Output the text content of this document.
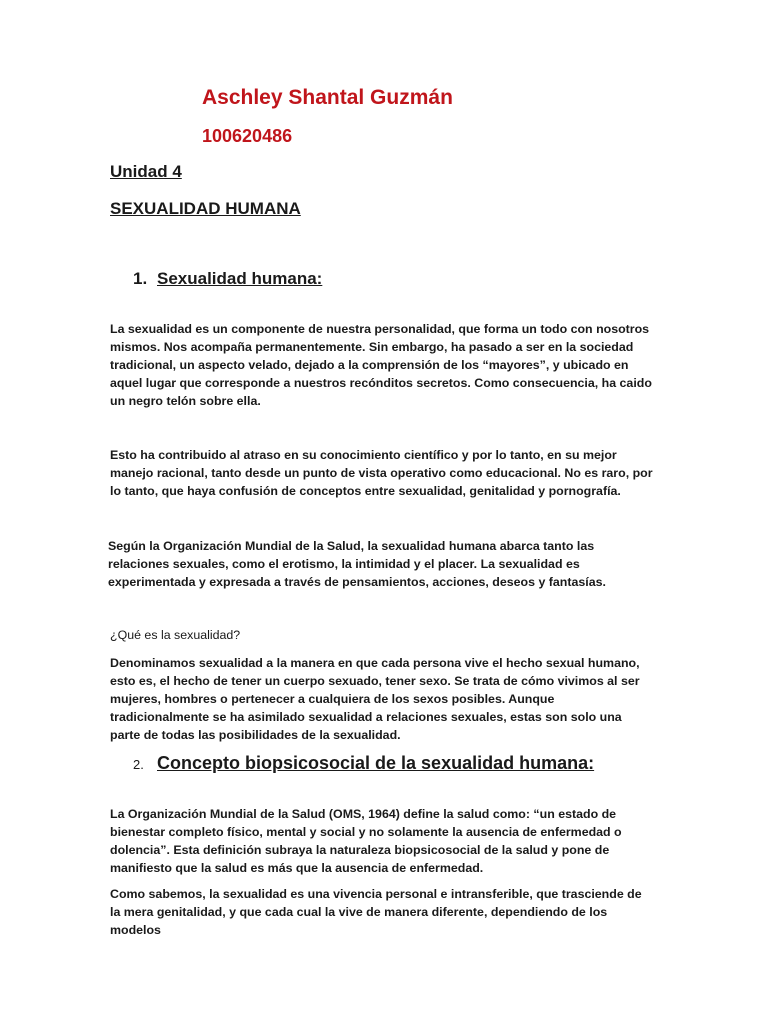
Aschley Shantal Guzmán
100620486
Unidad 4
SEXUALIDAD HUMANA
1. Sexualidad humana:
La sexualidad es un componente de nuestra personalidad, que forma un todo con nosotros mismos. Nos acompaña permanentemente. Sin embargo, ha pasado a ser en la sociedad tradicional, un aspecto velado, dejado a la comprensión de los “mayores”, y ubicado en aquel lugar que corresponde a nuestros recónditos secretos. Como consecuencia, ha caido un negro telón sobre ella.
Esto ha contribuido al atraso en su conocimiento científico y por lo tanto, en su mejor manejo racional, tanto desde un punto de vista operativo como educacional. No es raro, por lo tanto, que haya confusión de conceptos entre sexualidad, genitalidad y pornografía.
Según la Organización Mundial de la Salud, la sexualidad humana abarca tanto las relaciones sexuales, como el erotismo, la intimidad y el placer. La sexualidad es experimentada y expresada a través de pensamientos, acciones, deseos y fantasías.
¿Qué es la sexualidad?
Denominamos sexualidad a la manera en que cada persona vive el hecho sexual humano, esto es, el hecho de tener un cuerpo sexuado, tener sexo. Se trata de cómo vivimos al ser mujeres, hombres o pertenecer a cualquiera de los sexos posibles. Aunque tradicionalmente se ha asimilado sexualidad a relaciones sexuales, estas son solo una parte de todas las posibilidades de la sexualidad.
2. Concepto biopsicosocial de la sexualidad humana:
La Organización Mundial de la Salud (OMS, 1964) define la salud como: “un estado de bienestar completo físico, mental y social y no solamente la ausencia de enfermedad o dolencia”. Esta definición subraya la naturaleza biopsicosocial de la salud y pone de manifiesto que la salud es más que la ausencia de enfermedad.
Como sabemos, la sexualidad es una vivencia personal e intransferible, que trasciende de la mera genitalidad, y que cada cual la vive de manera diferente, dependiendo de los modelos
